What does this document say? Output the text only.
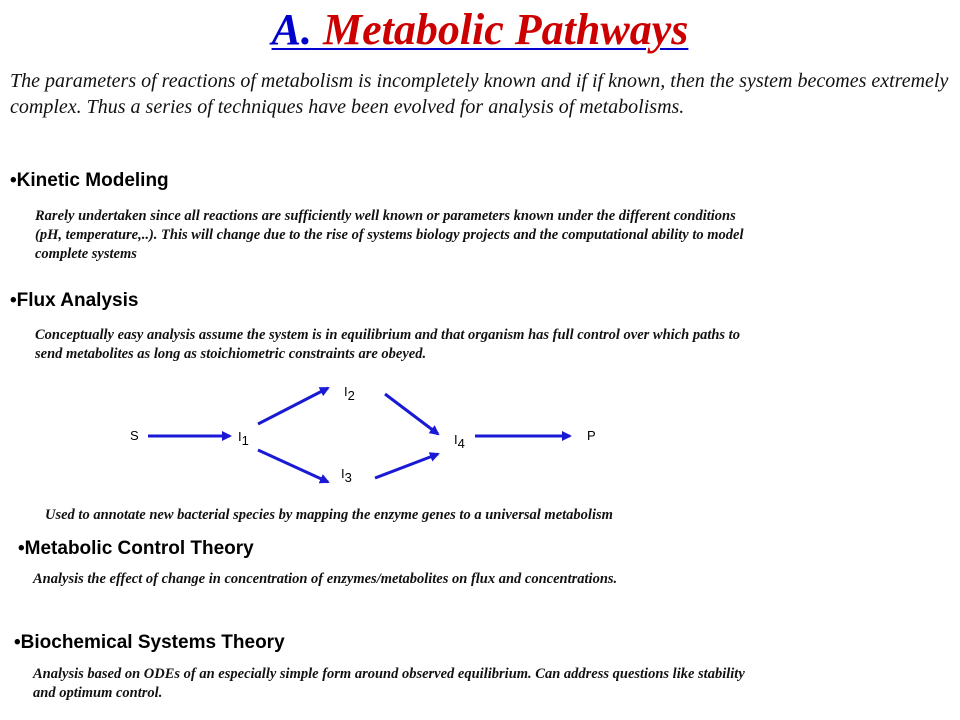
A. Metabolic Pathways
The parameters of reactions of metabolism is incompletely known and if if known, then the system becomes extremely complex. Thus a series of techniques have been evolved for analysis of metabolisms.
•Kinetic Modeling
Rarely undertaken since all reactions are sufficiently well known or parameters known under the different conditions (pH, temperature,..). This will change due to the rise of systems biology projects and the computational ability to model complete systems
•Flux Analysis
Conceptually easy analysis assume the system is in equilibrium and that organism has full control over which paths to send metabolites as long as stoichiometric constraints are obeyed.
S	I1
I2
I3
I4
P
Used to annotate new bacterial species by mapping the enzyme genes to a universal metabolism
•Metabolic Control Theory
Analysis the effect of change in concentration of enzymes/metabolites on flux and concentrations.
•Biochemical Systems Theory
Analysis based on ODEs of an especially simple form around observed equilibrium. Can address questions like stability and optimum control.
